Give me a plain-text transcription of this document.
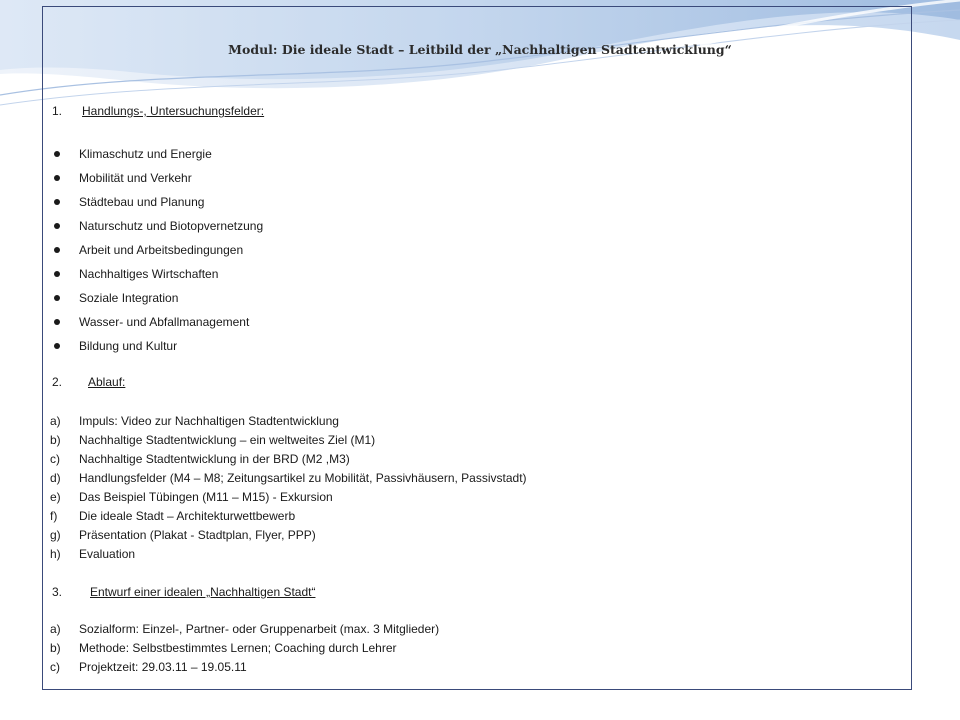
Modul: Die ideale Stadt – Leitbild der „Nachhaltigen Stadtentwicklung“
1. Handlungs-, Untersuchungsfelder:
Klimaschutz und Energie
Mobilität und Verkehr
Städtebau und Planung
Naturschutz und Biotopvernetzung
Arbeit und Arbeitsbedingungen
Nachhaltiges Wirtschaften
Soziale Integration
Wasser- und Abfallmanagement
Bildung und Kultur
2. Ablauf:
a) Impuls: Video zur Nachhaltigen Stadtentwicklung
b) Nachhaltige Stadtentwicklung – ein weltweites Ziel (M1)
c) Nachhaltige Stadtentwicklung in der BRD (M2 ,M3)
d) Handlungsfelder (M4 – M8; Zeitungsartikel zu Mobilität, Passivhäusern, Passivstadt)
e) Das Beispiel Tübingen (M11 – M15) - Exkursion
f) Die ideale Stadt – Architekturwettbewerb
g) Präsentation (Plakat - Stadtplan, Flyer, PPP)
h) Evaluation
3. Entwurf einer idealen „Nachhaltigen Stadt“
a) Sozialform: Einzel-, Partner- oder Gruppenarbeit (max. 3 Mitglieder)
b) Methode: Selbstbestimmtes Lernen; Coaching durch Lehrer
c) Projektzeit: 29.03.11 – 19.05.11
